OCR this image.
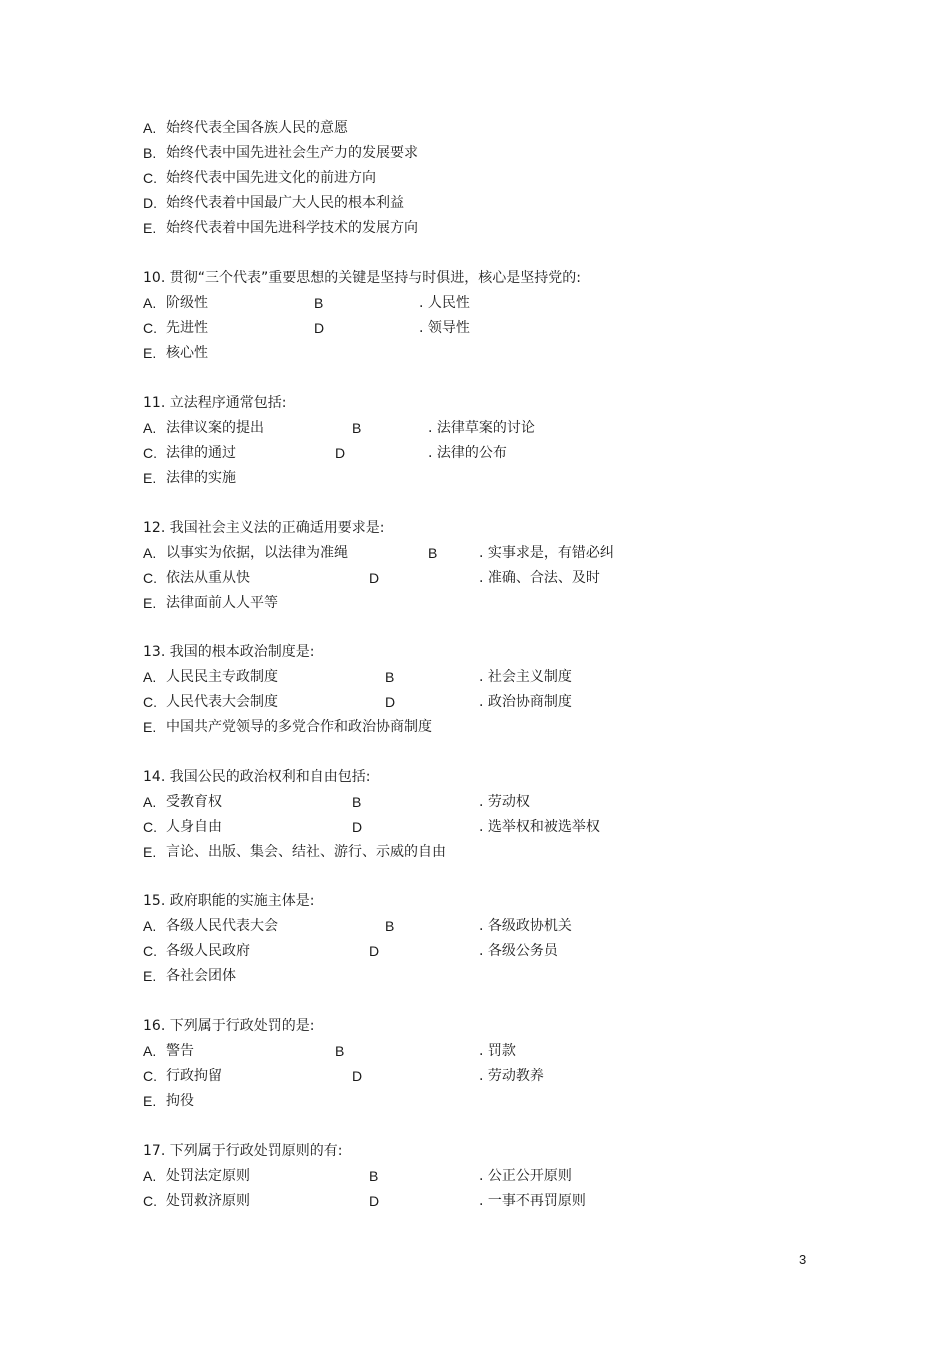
A. 始终代表全国各族人民的意愿
B. 始终代表中国先进社会生产力的发展要求
C. 始终代表中国先进文化的前进方向
D. 始终代表着中国最广大人民的根本利益
E. 始终代表着中国先进科学技术的发展方向
10. 贯彻“三个代表”重要思想的关键是坚持与时俱进，核心是坚持党的:
A. 阶级性	B	. 人民性
C. 先进性	D	. 领导性
E. 核心性
11. 立法程序通常包括:
A. 法律议案的提出	B	. 法律草案的讨论
C. 法律的通过	D	. 法律的公布
E. 法律的实施
12. 我国社会主义法的正确适用要求是:
A. 以事实为依据，以法律为准绳	B	. 实事求是，有错必纠
C. 依法从重从快	D	. 准确、合法、及时
E. 法律面前人人平等
13. 我国的根本政治制度是:
A. 人民民主专政制度	B	. 社会主义制度
C. 人民代表大会制度	D	. 政治协商制度
E. 中国共产党领导的多党合作和政治协商制度
14. 我国公民的政治权利和自由包括:
A. 受教育权	B	. 劳动权
C. 人身自由	D	. 选举权和被选举权
E. 言论、出版、集会、结社、游行、示威的自由
15. 政府职能的实施主体是:
A. 各级人民代表大会	B	. 各级政协机关
C. 各级人民政府	D	. 各级公务员
E. 各社会团体
16. 下列属于行政处罚的是:
A. 警告	B	. 罚款
C. 行政拘留	D	. 劳动教养
E. 拘役
17. 下列属于行政处罚原则的有:
A. 处罚法定原则	B	. 公正公开原则
C. 处罚救济原则	D	. 一事不再罚原则
3
